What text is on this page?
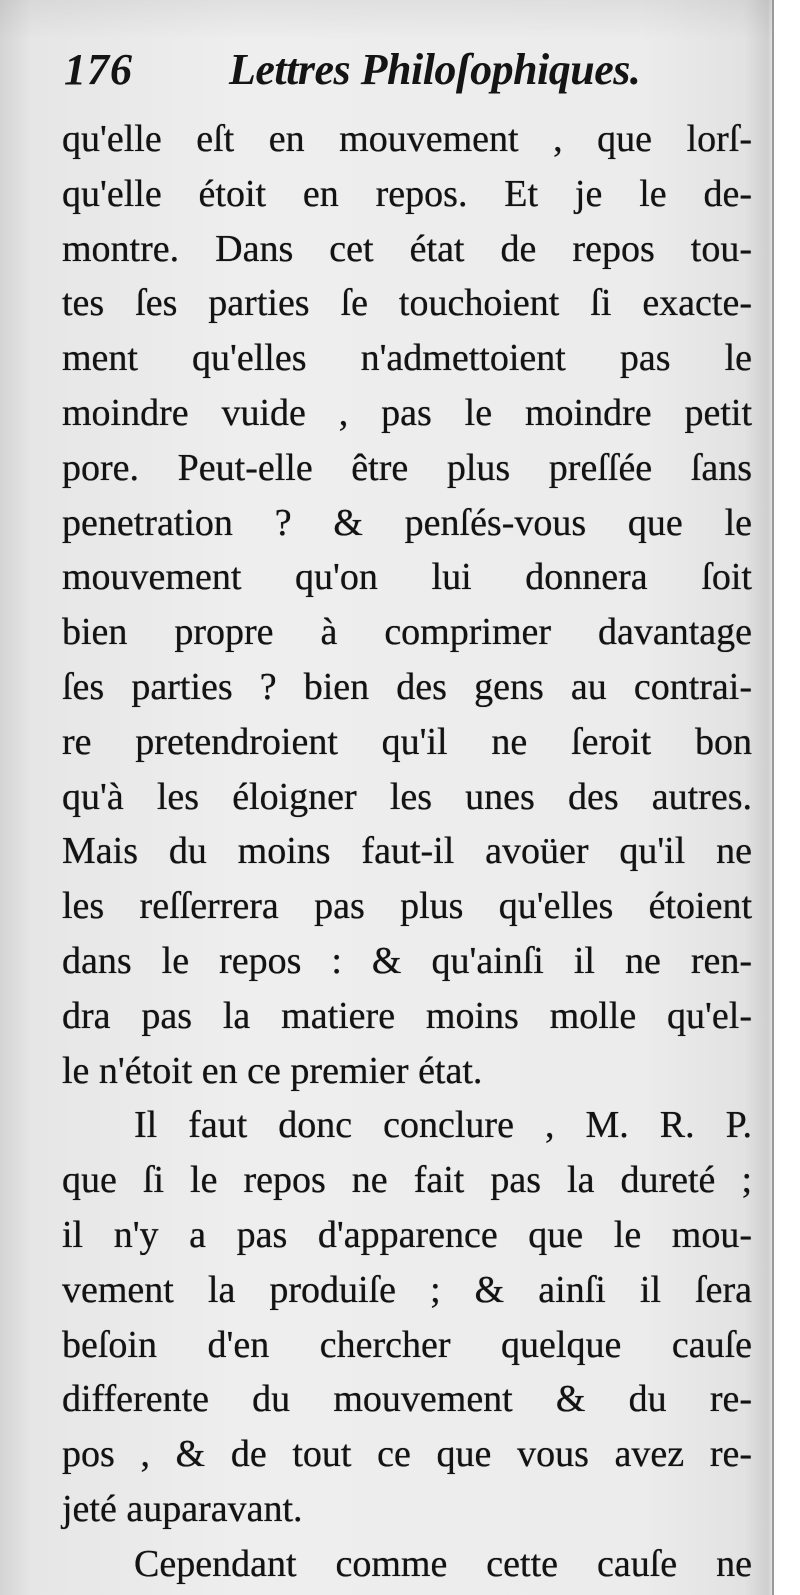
176 Lettres Philoſophiques.
qu'elle eſt en mouvement , que lorſ-
qu'elle étoit en repos. Et je le de-
montre. Dans cet état de repos tou-
tes ſes parties ſe touchoient ſi exacte-
ment qu'elles n'admettoient pas le
moindre vuide , pas le moindre petit
pore. Peut-elle être plus preſſée ſans
penetration ? & penſés-vous que le
mouvement qu'on lui donnera ſoit
bien propre à comprimer davantage
ſes parties ? bien des gens au contrai-
re pretendroient qu'il ne ſeroit bon
qu'à les éloigner les unes des autres.
Mais du moins faut-il avoüer qu'il ne
les reſſerrera pas plus qu'elles étoient
dans le repos : & qu'ainſi il ne ren-
dra pas la matiere moins molle qu'el-
le n'étoit en ce premier état.
Il faut donc conclure , M. R. P.
que ſi le repos ne fait pas la dureté ;
il n'y a pas d'apparence que le mou-
vement la produiſe ; & ainſi il ſera
beſoin d'en chercher quelque cauſe
differente du mouvement & du re-
pos , & de tout ce que vous avez re-
jeté auparavant.
Cependant comme cette cauſe ne
